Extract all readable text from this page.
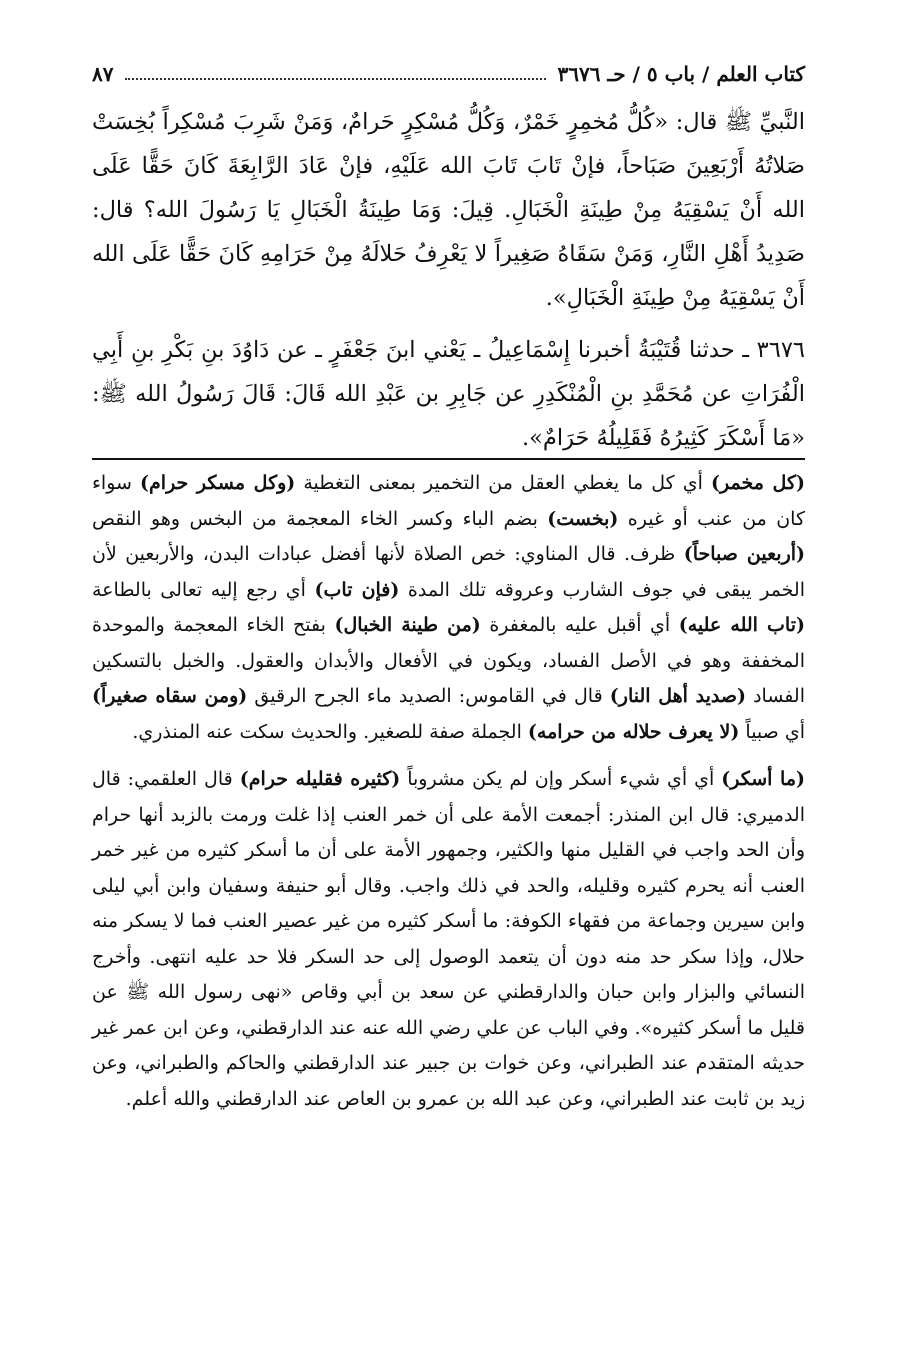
كتاب العلم / باب ٥ / حـ ٣٦٧٦
٨٧

النَّبيِّ ﷺ قال: «كُلُّ مُخمِرٍ خَمْرٌ، وَكُلُّ مُسْكِرٍ حَرامٌ، وَمَنْ شَرِبَ مُسْكِراً بُخِسَتْ صَلاتُهُ أَرْبَعِينَ صَبَاحاً، فإنْ تَابَ تَابَ الله عَلَيْهِ، فإنْ عَادَ الرَّابِعَةَ كَانَ حَقًّا عَلَى الله أَنْ يَسْقِيَهُ مِنْ طِينَةِ الْخَبَالِ. قِيلَ: وَمَا طِينَةُ الْخَبَالِ يَا رَسُولَ الله؟ قال: صَدِيدُ أَهْلِ النَّارِ، وَمَنْ سَقَاهُ صَغِيراً لا يَعْرِفُ حَلالَهُ مِنْ حَرَامِهِ كَانَ حَقًّا عَلَى الله أَنْ يَسْقِيَهُ مِنْ طِينَةِ الْخَبَالِ».

٣٦٧٦ ـ حدثنا قُتَيْبَةُ أخبرنا إِسْمَاعِيلُ ـ يَعْني ابنَ جَعْفَرٍ ـ عن دَاوُدَ بنِ بَكْرِ بنِ أَبِي الْفُرَاتِ عن مُحَمَّدِ بنِ الْمُنْكَدِرِ عن جَابِرِ بن عَبْدِ الله قَالَ: قَالَ رَسُولُ الله ﷺ: «مَا أَسْكَرَ كَثِيرُهُ فَقَلِيلُهُ حَرَامٌ».

(كل مخمر) أي كل ما يغطي العقل من التخمير بمعنى التغطية (وكل مسكر حرام) سواء كان من عنب أو غيره (بخست) بضم الباء وكسر الخاء المعجمة من البخس وهو النقص (أربعين صباحاً) ظرف. قال المناوي: خص الصلاة لأنها أفضل عبادات البدن، والأربعين لأن الخمر يبقى في جوف الشارب وعروقه تلك المدة (فإن تاب) أي رجع إليه تعالى بالطاعة (تاب الله عليه) أي أقبل عليه بالمغفرة (من طينة الخبال) بفتح الخاء المعجمة والموحدة المخففة وهو في الأصل الفساد، ويكون في الأفعال والأبدان والعقول. والخبل بالتسكين الفساد (صديد أهل النار) قال في القاموس: الصديد ماء الجرح الرقيق (ومن سقاه صغيراً) أي صبياً (لا يعرف حلاله من حرامه) الجملة صفة للصغير. والحديث سكت عنه المنذري.

(ما أسكر) أي أي شيء أسكر وإن لم يكن مشروباً (كثيره فقليله حرام) قال العلقمي: قال الدميري: قال ابن المنذر: أجمعت الأمة على أن خمر العنب إذا غلت ورمت بالزبد أنها حرام وأن الحد واجب في القليل منها والكثير، وجمهور الأمة على أن ما أسكر كثيره من غير خمر العنب أنه يحرم كثيره وقليله، والحد في ذلك واجب. وقال أبو حنيفة وسفيان وابن أبي ليلى وابن سيرين وجماعة من فقهاء الكوفة: ما أسكر كثيره من غير عصير العنب فما لا يسكر منه حلال، وإذا سكر حد منه دون أن يتعمد الوصول إلى حد السكر فلا حد عليه انتهى. وأخرج النسائي والبزار وابن حبان والدارقطني عن سعد بن أبي وقاص «نهى رسول الله ﷺ عن قليل ما أسكر كثيره». وفي الباب عن علي رضي الله عنه عند الدارقطني، وعن ابن عمر غير حديثه المتقدم عند الطبراني، وعن خوات بن جبير عند الدارقطني والحاكم والطبراني، وعن زيد بن ثابت عند الطبراني، وعن عبد الله بن عمرو بن العاص عند الدارقطني والله أعلم.
